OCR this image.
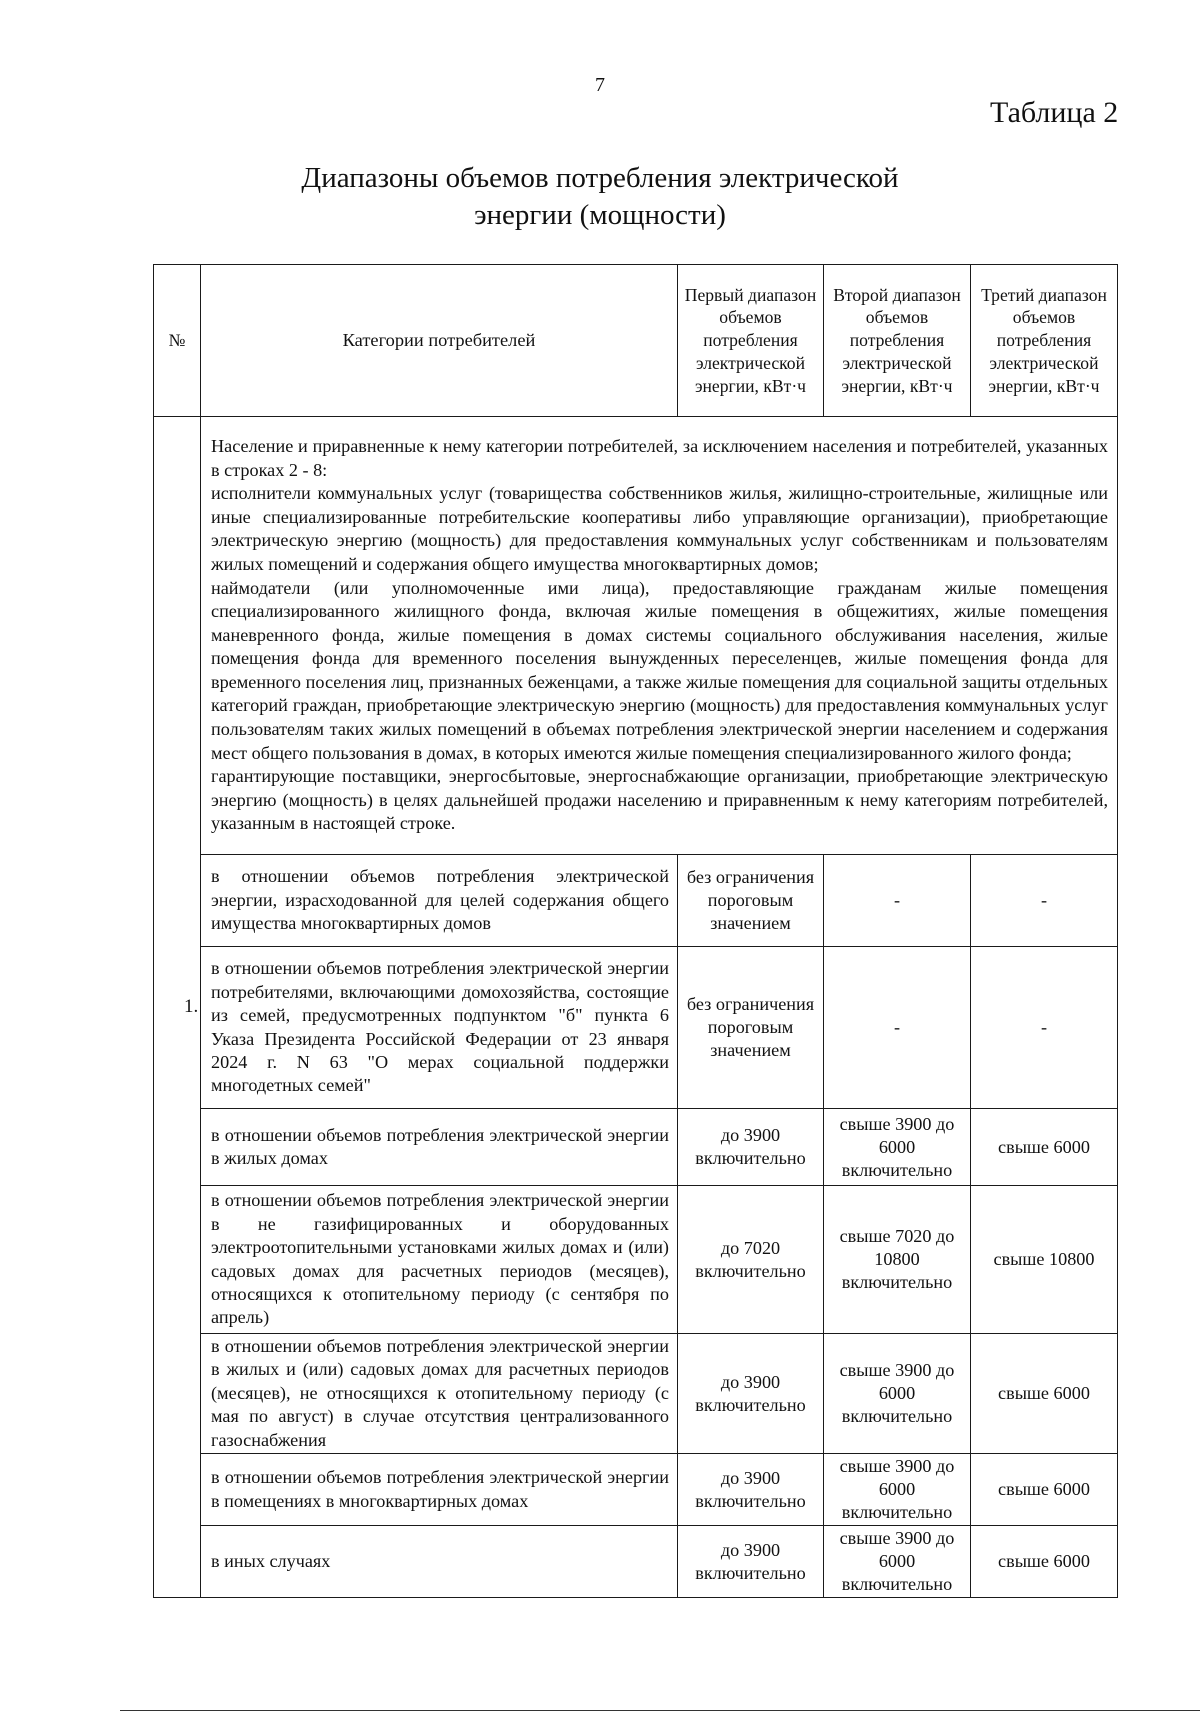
7
Таблица 2
Диапазоны объемов потребления электрической
энергии (мощности)
№	Категории потребителей	Первый диапазон объемов потребления электрической энергии, кВт·ч	Второй диапазон объемов потребления электрической энергии, кВт·ч	Третий диапазон объемов потребления электрической энергии, кВт·ч
1.	Население и приравненные к нему категории потребителей, за исключением населения и потребителей, указанных в строках 2 - 8:

исполнители коммунальных услуг (товарищества собственников жилья, жилищно-строительные, жилищные или иные специализированные потребительские кооперативы либо управляющие организации), приобретающие электрическую энергию (мощность) для предоставления коммунальных услуг собственникам и пользователям жилых помещений и содержания общего имущества многоквартирных домов;

наймодатели (или уполномоченные ими лица), предоставляющие гражданам жилые помещения специализированного жилищного фонда, включая жилые помещения в общежитиях, жилые помещения маневренного фонда, жилые помещения в домах системы социального обслуживания населения, жилые помещения фонда для временного поселения вынужденных переселенцев, жилые помещения фонда для временного поселения лиц, признанных беженцами, а также жилые помещения для социальной защиты отдельных категорий граждан, приобретающие электрическую энергию (мощность) для предоставления коммунальных услуг пользователям таких жилых помещений в объемах потребления электрической энергии населением и содержания мест общего пользования в домах, в которых имеются жилые помещения специализированного жилого фонда;

гарантирующие поставщики, энергосбытовые, энергоснабжающие организации, приобретающие электрическую энергию (мощность) в целях дальнейшей продажи населению и приравненным к нему категориям потребителей, указанным в настоящей строке.			

	в отношении объемов потребления электрической энергии, израсходованной для целей содержания общего имущества многоквартирных домов	без ограничения пороговым значением	-	-
	в отношении объемов потребления электрической энергии потребителями, включающими домохозяйства, состоящие из семей, предусмотренных подпунктом "б" пункта 6 Указа Президента Российской Федерации от 23 января 2024 г. N 63 "О мерах социальной поддержки многодетных семей"	без ограничения пороговым значением	-	-
	в отношении объемов потребления электрической энергии в жилых домах	до 3900 включительно	свыше 3900 до 6000 включительно	свыше 6000
	в отношении объемов потребления электрической энергии в не газифицированных и оборудованных электроотопительными установками жилых домах и (или) садовых домах для расчетных периодов (месяцев), относящихся к отопительному периоду (с сентября по апрель)	до 7020 включительно	свыше 7020 до 10800 включительно	свыше 10800
	в отношении объемов потребления электрической энергии в жилых и (или) садовых домах для расчетных периодов (месяцев), не относящихся к отопительному периоду (с мая по август) в случае отсутствия централизованного газоснабжения	до 3900 включительно	свыше 3900 до 6000 включительно	свыше 6000
	в отношении объемов потребления электрической энергии в помещениях в многоквартирных домах	до 3900 включительно	свыше 3900 до 6000 включительно	свыше 6000
	в иных случаях	до 3900 включительно	свыше 3900 до 6000 включительно	свыше 6000
